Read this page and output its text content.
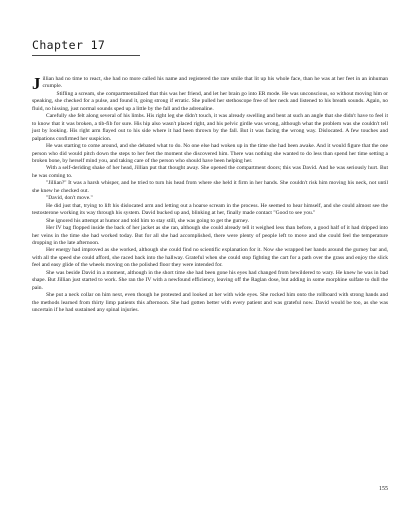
Chapter 17

Jillian had no time to react, she had no more called his name and registered the rare smile that lit up his whole face, than he was at her feet in an inhuman crumple.

Stifling a scream, she compartmentalized that this was her friend, and let her brain go into ER mode. He was unconscious, so without moving him or speaking, she checked for a pulse, and found it, going strong if erratic. She pulled her stethoscope free of her neck and listened to his breath sounds. Again, no fluid, no hissing, just normal sounds sped up a little by the fall and the adrenaline.

Carefully she felt along several of his limbs. His right leg she didn't touch, it was already swelling and bent at such an angle that she didn't have to feel it to know that it was broken, a tib-fib for sure. His hip also wasn't placed right, and his pelvic girdle was wrong, although what the problem was she couldn't tell just by looking. His right arm flayed out to his side where it had been thrown by the fall. But it was facing the wrong way. Dislocated. A few touches and palpations confirmed her suspicion.

He was starting to come around, and she debated what to do. No one else had woken up in the time she had been awake. And it would figure that the one person who did would pitch down the steps to her feet the moment she discovered him. There was nothing she wanted to do less than spend her time setting a broken bone, by herself mind you, and taking care of the person who should have been helping her.

With a self-deriding shake of her head, Jillian put that thought away. She opened the compartment doors; this was David. And he was seriously hurt. But he was coming to.

"Jillian?" It was a harsh whisper, and he tried to turn his head from where she held it firm in her hands. She couldn't risk him moving his neck, not until she knew he checked out.

"David, don't move."

He did just that, trying to lift his dislocated arm and letting out a hoarse scream in the process. He seemed to hear himself, and she could almost see the testosterone working its way through his system. David bucked up and, blinking at her, finally made contact "Good to see you."

She ignored his attempt at humor and told him to stay still, she was going to get the gurney.

Her IV bag flopped inside the back of her jacket as she ran, although she could already tell it weighed less than before, a good half of it had dripped into her veins in the time she had worked today. But for all she had accomplished, there were plenty of people left to move and she could feel the temperature dropping in the late afternoon.

Her energy had improved as she worked, although she could find no scientific explanation for it. Now she wrapped her hands around the gurney bar and, with all the speed she could afford, she raced back into the hallway. Grateful when she could stop fighting the cart for a path over the grass and enjoy the slick feel and easy glide of the wheels moving on the polished floor they were intended for.

She was beside David in a moment, although in the short time she had been gone his eyes had changed from bewildered to wary. He knew he was in bad shape. But Jillian just started to work. She ran the IV with a newfound efficiency, leaving off the Raglan dose, but adding in some morphine sulfate to dull the pain.

She put a neck collar on him next, even though he protested and looked at her with wide eyes. She rocked him onto the rollboard with strong hands and the methods learned from thirty limp patients this afternoon. She had gotten better with every patient and was grateful now. David would be too, as she was uncertain if he had sustained any spinal injuries.

155
